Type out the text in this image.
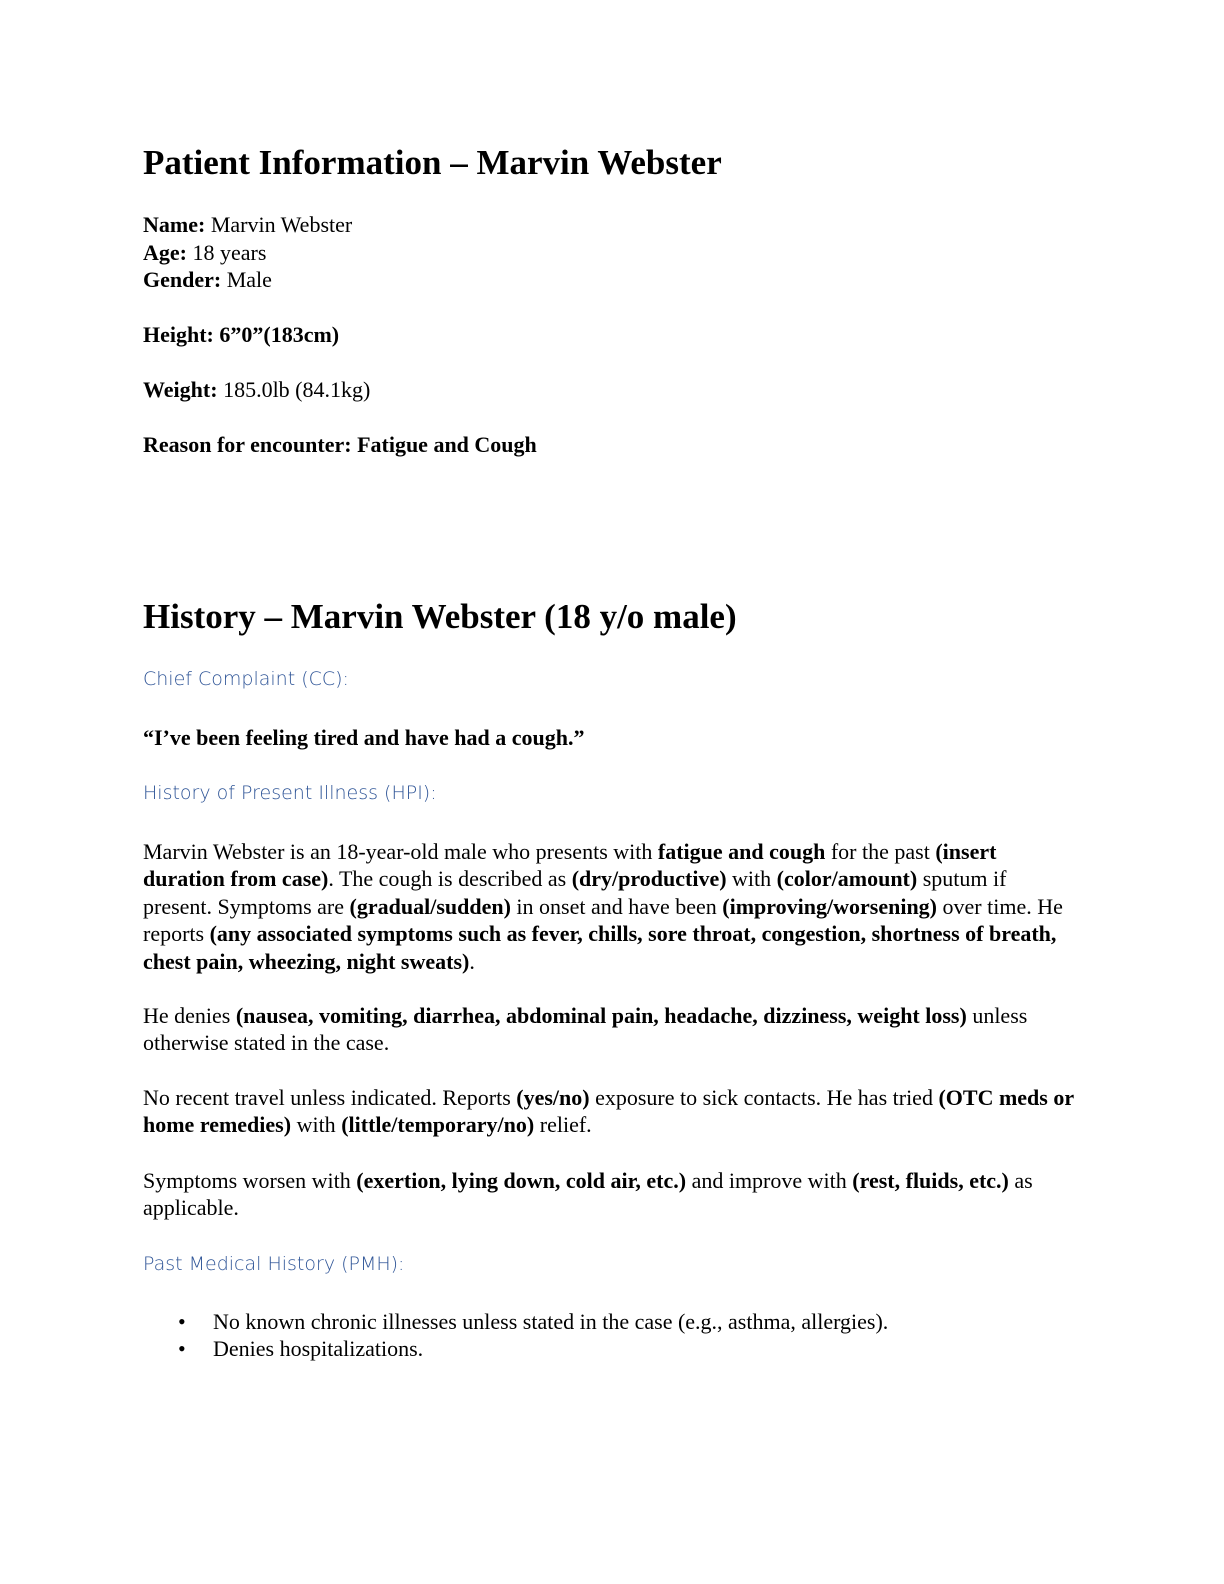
Patient Information – Marvin Webster

Name: Marvin Webster

Age: 18 years

Gender: Male

Height: 6”0”(183cm)

Weight: 185.0lb (84.1kg)

Reason for encounter: Fatigue and Cough

History – Marvin Webster (18 y/o male)

Chief Complaint (CC):

“I’ve been feeling tired and have had a cough.”

History of Present Illness (HPI):

Marvin Webster is an 18-year-old male who presents with fatigue and cough for the past (insert duration from case). The cough is described as (dry/productive) with (color/amount) sputum if present. Symptoms are (gradual/sudden) in onset and have been (improving/worsening) over time. He reports (any associated symptoms such as fever, chills, sore throat, congestion, shortness of breath, chest pain, wheezing, night sweats).

He denies (nausea, vomiting, diarrhea, abdominal pain, headache, dizziness, weight loss) unless otherwise stated in the case.

No recent travel unless indicated. Reports (yes/no) exposure to sick contacts. He has tried (OTC meds or home remedies) with (little/temporary/no) relief.

Symptoms worsen with (exertion, lying down, cold air, etc.) and improve with (rest, fluids, etc.) as applicable.

Past Medical History (PMH):

• No known chronic illnesses unless stated in the case (e.g., asthma, allergies).
• Denies hospitalizations.
